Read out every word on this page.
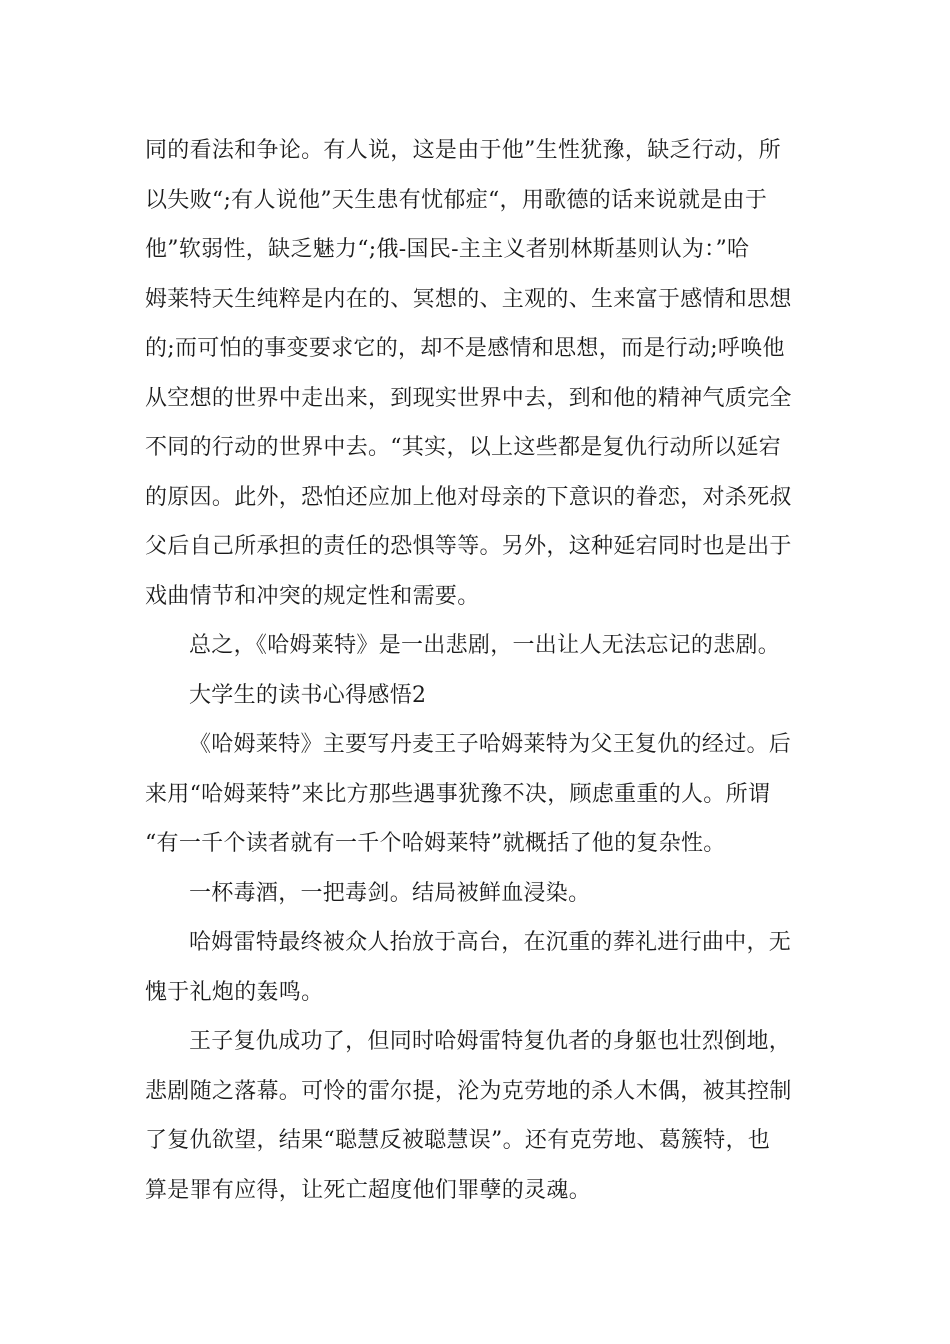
同的看法和争论。有人说，这是由于他”生性犹豫，缺乏行动，所
以失败“;有人说他”天生患有忧郁症“，用歌德的话来说就是由于
他”软弱性，缺乏魅力“;俄-国民-主主义者别林斯基则认为：”哈
姆莱特天生纯粹是内在的、冥想的、主观的、生来富于感情和思想
的;而可怕的事变要求它的，却不是感情和思想，而是行动;呼唤他
从空想的世界中走出来，到现实世界中去，到和他的精神气质完全
不同的行动的世界中去。“其实，以上这些都是复仇行动所以延宕
的原因。此外，恐怕还应加上他对母亲的下意识的眷恋，对杀死叔
父后自己所承担的责任的恐惧等等。另外，这种延宕同时也是出于
戏曲情节和冲突的规定性和需要。

总之，《哈姆莱特》是一出悲剧，一出让人无法忘记的悲剧。

大学生的读书心得感悟2

《哈姆莱特》主要写丹麦王子哈姆莱特为父王复仇的经过。后
来用“哈姆莱特”来比方那些遇事犹豫不决，顾虑重重的人。所谓
“有一千个读者就有一千个哈姆莱特”就概括了他的复杂性。

一杯毒酒，一把毒剑。结局被鲜血浸染。

哈姆雷特最终被众人抬放于高台，在沉重的葬礼进行曲中，无
愧于礼炮的轰鸣。

王子复仇成功了，但同时哈姆雷特复仇者的身躯也壮烈倒地，
悲剧随之落幕。可怜的雷尔提，沦为克劳地的杀人木偶，被其控制
了复仇欲望，结果“聪慧反被聪慧误”。还有克劳地、葛簇特，也
算是罪有应得，让死亡超度他们罪孽的灵魂。
